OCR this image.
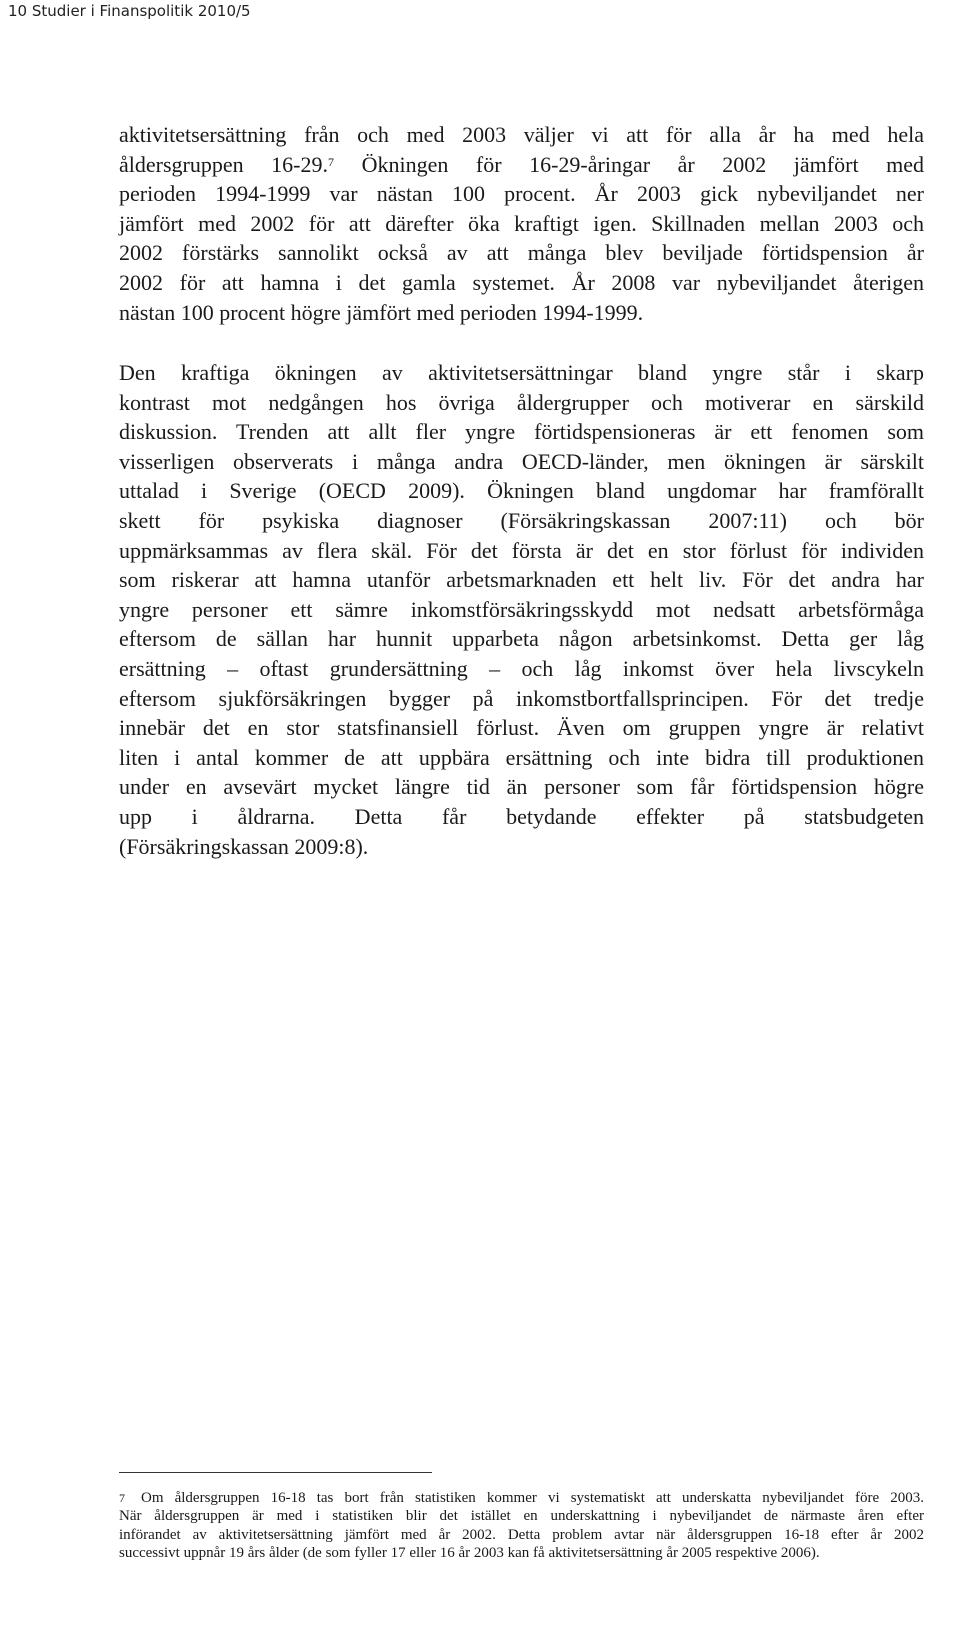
10 Studier i Finanspolitik 2010/5
aktivitetsersättning från och med 2003 väljer vi att för alla år ha med hela
åldersgruppen 16-29.$^7$ Ökningen för 16-29-åringar år 2002 jämfört med
perioden 1994-1999 var nästan 100 procent. År 2003 gick nybeviljandet ner
jämfört med 2002 för att därefter öka kraftigt igen. Skillnaden mellan 2003 och
2002 förstärks sannolikt också av att många blev beviljade förtidspension år
2002 för att hamna i det gamla systemet. År 2008 var nybeviljandet återigen
nästan 100 procent högre jämfört med perioden 1994-1999.
Den kraftiga ökningen av aktivitetsersättningar bland yngre står i skarp
kontrast mot nedgången hos övriga åldergrupper och motiverar en särskild
diskussion. Trenden att allt fler yngre förtidspensioneras är ett fenomen som
visserligen observerats i många andra OECD-länder, men ökningen är särskilt
uttalad i Sverige (OECD 2009). Ökningen bland ungdomar har framförallt
skett för psykiska diagnoser (Försäkringskassan 2007:11) och bör
uppmärksammas av flera skäl. För det första är det en stor förlust för individen
som riskerar att hamna utanför arbetsmarknaden ett helt liv. För det andra har
yngre personer ett sämre inkomstförsäkringsskydd mot nedsatt arbetsförmåga
eftersom de sällan har hunnit upparbeta någon arbetsinkomst. Detta ger låg
ersättning – oftast grundersättning – och låg inkomst över hela livscykeln
eftersom sjukförsäkringen bygger på inkomstbortfallsprincipen. För det tredje
innebär det en stor statsfinansiell förlust. Även om gruppen yngre är relativt
liten i antal kommer de att uppbära ersättning och inte bidra till produktionen
under en avsevärt mycket längre tid än personer som får förtidspension högre
upp i åldrarna. Detta får betydande effekter på statsbudgeten
(Försäkringskassan 2009:8).
7 Om åldersgruppen 16-18 tas bort från statistiken kommer vi systematiskt att underskatta nybeviljandet före 2003.
När åldersgruppen är med i statistiken blir det istället en underskattning i nybeviljandet de närmaste åren efter
införandet av aktivitetsersättning jämfört med år 2002. Detta problem avtar när åldersgruppen 16-18 efter år 2002
successivt uppnår 19 års ålder (de som fyller 17 eller 16 år 2003 kan få aktivitetsersättning år 2005 respektive 2006).
